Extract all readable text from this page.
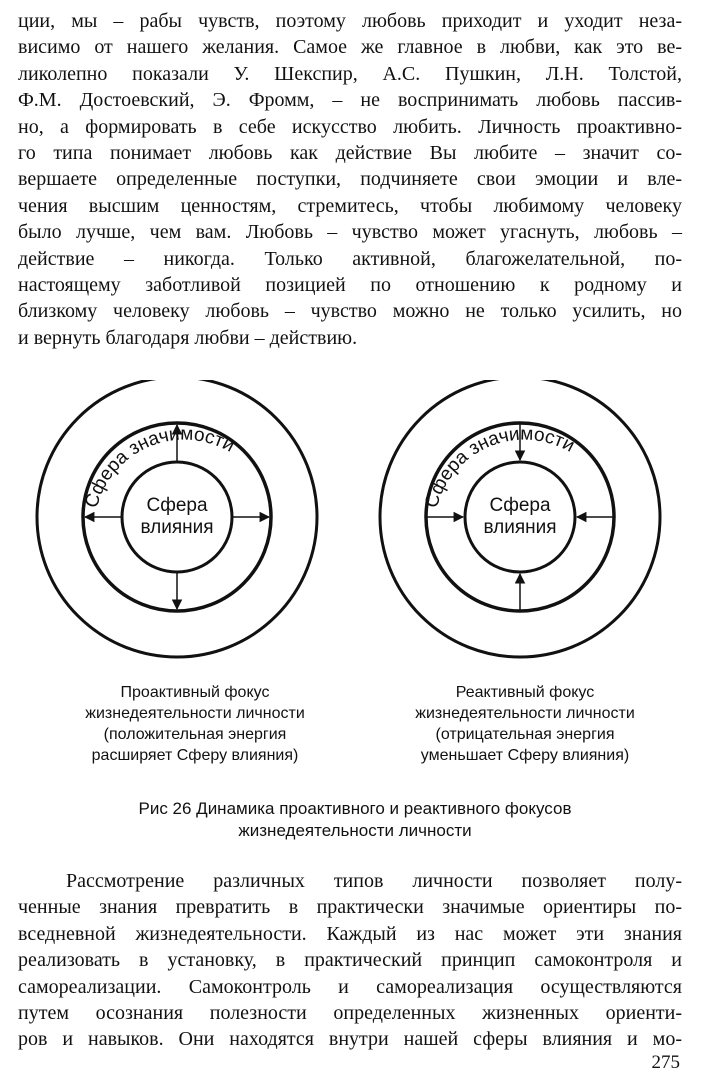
ции, мы – рабы чувств, поэтому любовь приходит и уходит неза-
висимо от нашего желания. Самое же главное в любви, как это ве-
ликолепно показали У. Шекспир, А.С. Пушкин, Л.Н. Толстой,
Ф.М. Достоевский, Э. Фромм, – не воспринимать любовь пассив-
но, а формировать в себе искусство любить. Личность проактивно-
го типа понимает любовь как действие Вы любите – значит со-
вершаете определенные поступки, подчиняете свои эмоции и вле-
чения высшим ценностям, стремитесь, чтобы любимому человеку
было лучше, чем вам. Любовь – чувство может угаснуть, любовь –
действие – никогда. Только активной, благожелательной, по-
настоящему заботливой позицией по отношению к родному и
близкому человеку любовь – чувство можно не только усилить, но
и вернуть благодаря любви – действию.
Сфера значимости
Сфера
влияния
Сфера значимости
Сфера
влияния
Проактивный фокус
жизнедеятельности личности
(положительная энергия
расширяет Сферу влияния)
Реактивный фокус
жизнедеятельности личности
(отрицательная энергия
уменьшает Сферу влияния)
Рис 26 Динамика проактивного и реактивного фокусов
жизнедеятельности личности
Рассмотрение различных типов личности позволяет полу-
ченные знания превратить в практически значимые ориентиры по-
вседневной жизнедеятельности. Каждый из нас может эти знания
реализовать в установку, в практический принцип самоконтроля и
самореализации. Самоконтроль и самореализация осуществляются
путем осознания полезности определенных жизненных ориенти-
ров и навыков. Они находятся внутри нашей сферы влияния и мо-
275
